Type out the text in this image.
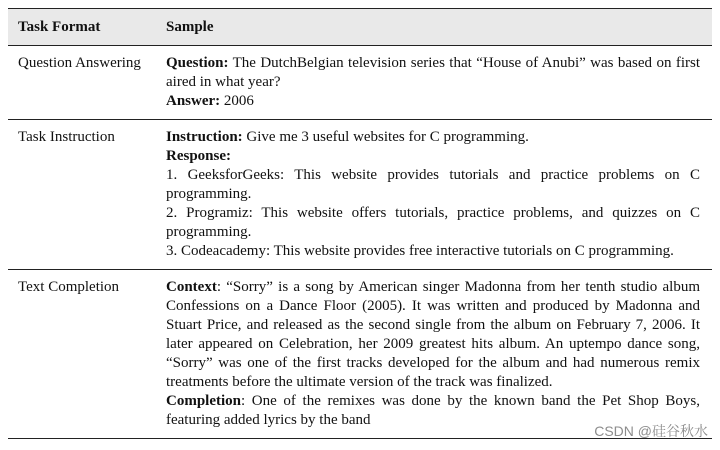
Task Format	Sample
Question Answering	Question: The DutchBelgian television series that “House of Anubi” was based on first aired in what year?
Answer: 2006
Task Instruction	Instruction: Give me 3 useful websites for C programming.
Response:
1. GeeksforGeeks: This website provides tutorials and practice problems on C programming.
2. Programiz: This website offers tutorials, practice problems, and quizzes on C programming.
3. Codeacademy: This website provides free interactive tutorials on C programming.
Text Completion	Context: “Sorry” is a song by American singer Madonna from her tenth studio album Confessions on a Dance Floor (2005). It was written and produced by Madonna and Stuart Price, and released as the second single from the album on February 7, 2006. It later appeared on Celebration, her 2009 greatest hits album. An uptempo dance song, “Sorry” was one of the first tracks developed for the album and had numerous remix treatments before the ultimate version of the track was finalized.
Completion: One of the remixes was done by the known band the Pet Shop Boys, featuring added lyrics by the band
CSDN @硅谷秋水
